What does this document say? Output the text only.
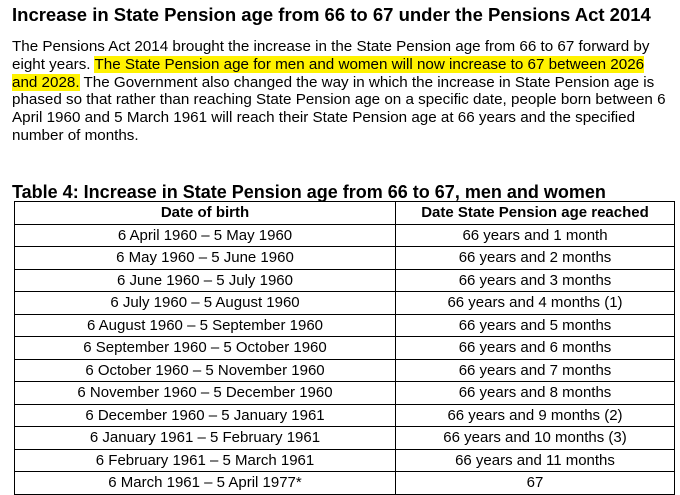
Increase in State Pension age from 66 to 67 under the Pensions Act 2014

The Pensions Act 2014 brought the increase in the State Pension age from 66 to 67 forward by eight years. The State Pension age for men and women will now increase to 67 between 2026 and 2028. The Government also changed the way in which the increase in State Pension age is phased so that rather than reaching State Pension age on a specific date, people born between 6 April 1960 and 5 March 1961 will reach their State Pension age at 66 years and the specified number of months.

Table 4: Increase in State Pension age from 66 to 67, men and women
Date of birth	Date State Pension age reached
6 April 1960 – 5 May 1960	66 years and 1 month
6 May 1960 – 5 June 1960	66 years and 2 months
6 June 1960 – 5 July 1960	66 years and 3 months
6 July 1960 – 5 August 1960	66 years and 4 months (1)
6 August 1960 – 5 September 1960	66 years and 5 months
6 September 1960 – 5 October 1960	66 years and 6 months
6 October 1960 – 5 November 1960	66 years and 7 months
6 November 1960 – 5 December 1960	66 years and 8 months
6 December 1960 – 5 January 1961	66 years and 9 months (2)
6 January 1961 – 5 February 1961	66 years and 10 months (3)
6 February 1961 – 5 March 1961	66 years and 11 months
6 March 1961 – 5 April 1977*	67
